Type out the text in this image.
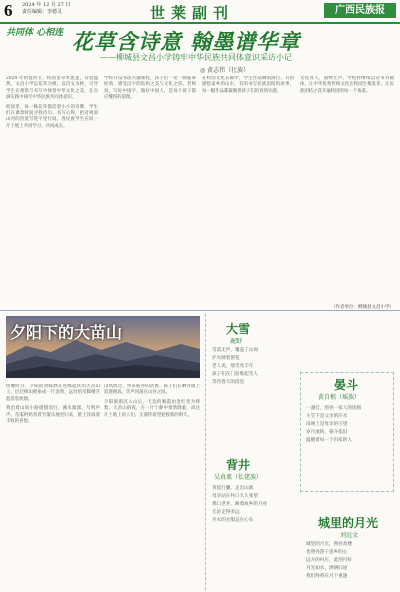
6 2024 年 12 月 27 日
责任编辑：李德灵	世莱副刊	广西民族报
共同体 心相连 花草含诗意 翰墨谱华章
——柳城县文昌小学铸牢中华民族共同体意识采访小记
◎ 黄志伟（壮族）

2024 年初夏时节，校园里草木葱茏，诗意盎然。文昌小学以花草为媒，以诗文为桥，引导学生在观察与书写中体悟中华文化之美，在点滴实践中铸牢中华民族共同体意识。

校园里，每一株花草都挂着小小的诗牌。学生们在课余时间寻找诗句、书写心得，把对祖国山河的热爱写进字里行间。各民族学生在同一片土地上共同学习、共同成长。

学校开设书法兴趣课程，孩子们一笔一画临摹经典，感受汉字的结构之美与文化之厚。老师说，写好中国字，做好中国人，是每个孩子都应懂得的道理。

在校园文化长廊中，学生作品琳琅满目。有的描绘家乡的山水，有的书写民族团结的故事，每一幅作品都凝聚着孩子们的真情实感。

文化育人，润物无声。学校将继续以诗书为载体，让中华优秀传统文化在校园生根发芽，让民族团结之花开遍校园的每一个角落。

（作者单位：柳城县文昌小学）
夕阳下的大苗山

傍晚时分，夕阳的余晖洒在连绵起伏的大苗山上，层层梯田被染成一片金黄，远处的吊脚楼升起袅袅炊烟。

我沿着山间小路缓缓而行，溪水潺潺，鸟鸣声声。苗家阿妈背着竹篓从地里归来，脸上洋溢着丰收的喜悦。

山风吹过，带来稻谷的清香。孩子们在晒谷场上追逐嬉戏，笑声回荡在山谷之间。

夕阳渐渐沉入山后，天边的晚霞由金红变为绛紫。大苗山的夜，在一片宁静中悄然降临，而这片土地上的人们，正满怀希望迎接新的明天。

大雪
鹿野
雪落无声，覆盖了山岗
炉火映着窗花
老人说，瑞雪兆丰年
孩子们在门前堆起雪人
等待春天的消息
背井
吴真菓（仫佬族）
背起行囊，走出山寨
母亲站在村口久久张望
那口老井，映着故乡的月亮
无论走得多远
井水的甘甜总在心头
晏斗
黄自根（瑶族）
一盏灯，照亮一家人的团圆
斗笠下是父亲的汗水
田埂上是母亲的守望
岁月流转，晏斗依旧
温暖着每一个归家的人
城里的月光
刘远文
城里的月光，照亮高楼
也照亮游子思乡的心
远方的村庄，此刻可好
月光如水，洒满归途
我们终将在月下重逢
